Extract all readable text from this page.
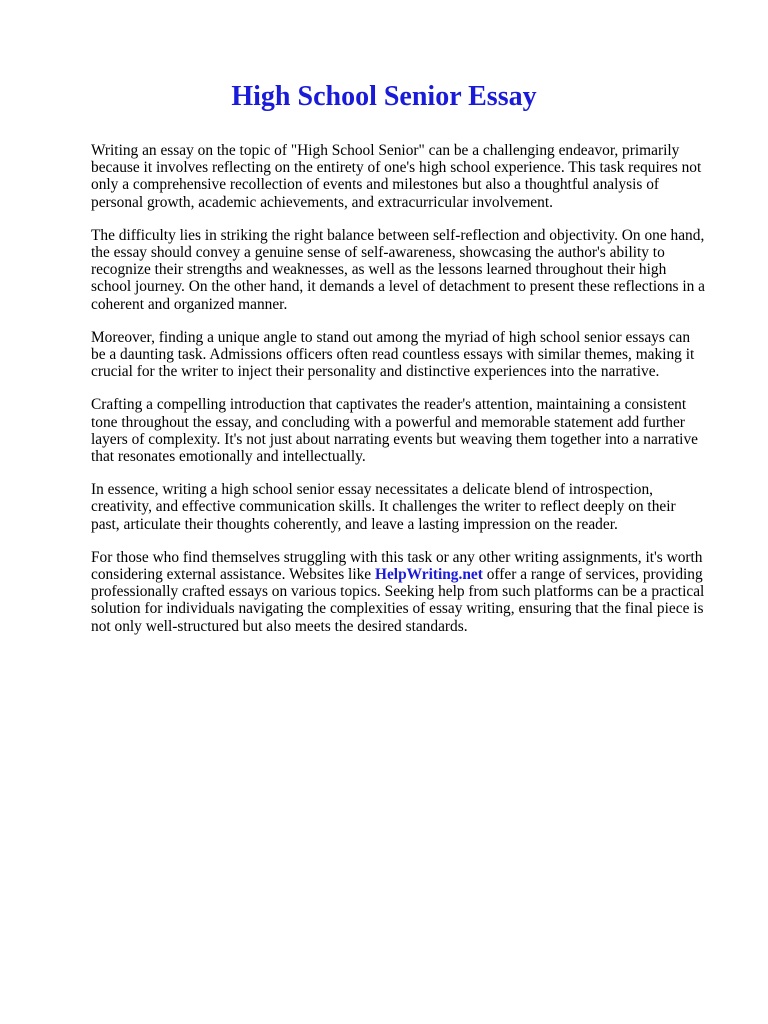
High School Senior Essay

Writing an essay on the topic of "High School Senior" can be a challenging endeavor, primarily because it involves reflecting on the entirety of one's high school experience. This task requires not only a comprehensive recollection of events and milestones but also a thoughtful analysis of personal growth, academic achievements, and extracurricular involvement.

The difficulty lies in striking the right balance between self-reflection and objectivity. On one hand, the essay should convey a genuine sense of self-awareness, showcasing the author's ability to recognize their strengths and weaknesses, as well as the lessons learned throughout their high school journey. On the other hand, it demands a level of detachment to present these reflections in a coherent and organized manner.

Moreover, finding a unique angle to stand out among the myriad of high school senior essays can be a daunting task. Admissions officers often read countless essays with similar themes, making it crucial for the writer to inject their personality and distinctive experiences into the narrative.

Crafting a compelling introduction that captivates the reader's attention, maintaining a consistent tone throughout the essay, and concluding with a powerful and memorable statement add further layers of complexity. It's not just about narrating events but weaving them together into a narrative that resonates emotionally and intellectually.

In essence, writing a high school senior essay necessitates a delicate blend of introspection, creativity, and effective communication skills. It challenges the writer to reflect deeply on their past, articulate their thoughts coherently, and leave a lasting impression on the reader.

For those who find themselves struggling with this task or any other writing assignments, it's worth considering external assistance. Websites like HelpWriting.net offer a range of services, providing professionally crafted essays on various topics. Seeking help from such platforms can be a practical solution for individuals navigating the complexities of essay writing, ensuring that the final piece is not only well-structured but also meets the desired standards.
